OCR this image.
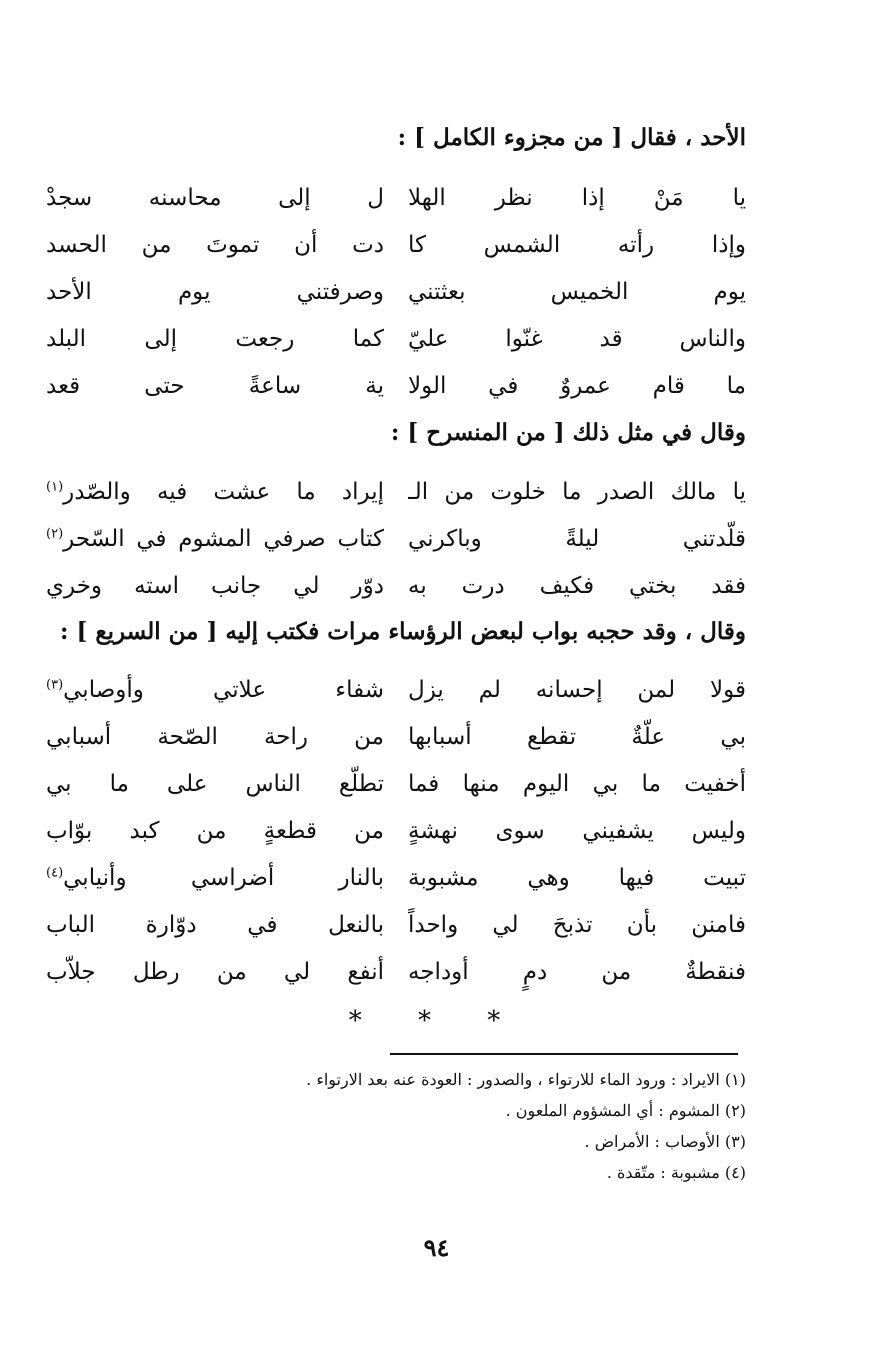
الأحد ، فقال [ من مجزوء الكامل ] :
يا مَنْ إذا نظر الهلا
ل إلى محاسنه سجدْ
وإذا رأته الشمس كا
دت أن تموتَ من الحسد
يوم الخميس بعثتني
وصرفتني يوم الأحد
والناس قد غنّوا عليّ
كما رجعت إلى البلد
ما قام عمروٌ في الولا
ية ساعةً حتى قعد
وقال في مثل ذلك [ من المنسرح ] :
يا مالك الصدر ما خلوت من الـ
إيراد ما عشت فيه والصّدر$^{(١)}$
قلّدتني ليلةً وباكرني
كتاب صرفي المشوم في السّحر$^{(٢)}$
فقد بختي فكيف درت به
دوّر لي جانب استه وخري
وقال ، وقد حجبه بواب لبعض الرؤساء مرات فكتب إليه [ من السريع ] :
قولا لمن إحسانه لم يزل
شفاء علاتي وأوصابي$^{(٣)}$
بي علّةٌ تقطع أسبابها
من راحة الصّحة أسبابي
أخفيت ما بي اليوم منها فما
تطلّع الناس على ما بي
وليس يشفيني سوى نهشةٍ
من قطعةٍ من كبد بوّاب
تبيت فيها وهي مشبوبة
بالنار أضراسي وأنيابي$^{(٤)}$
فامنن بأن تذبحَ لي واحداً
بالنعل في دوّارة الباب
فنقطةٌ من دمٍ أوداجه
أنفع لي من رطل جلاّب
* * *
(١) الايراد : ورود الماء للارتواء ، والصدور : العودة عنه بعد الارتواء .
(٢) المشوم : أي المشؤوم الملعون .
(٣) الأوصاب : الأمراض .
(٤) مشبوبة : متّقدة .
٩٤
